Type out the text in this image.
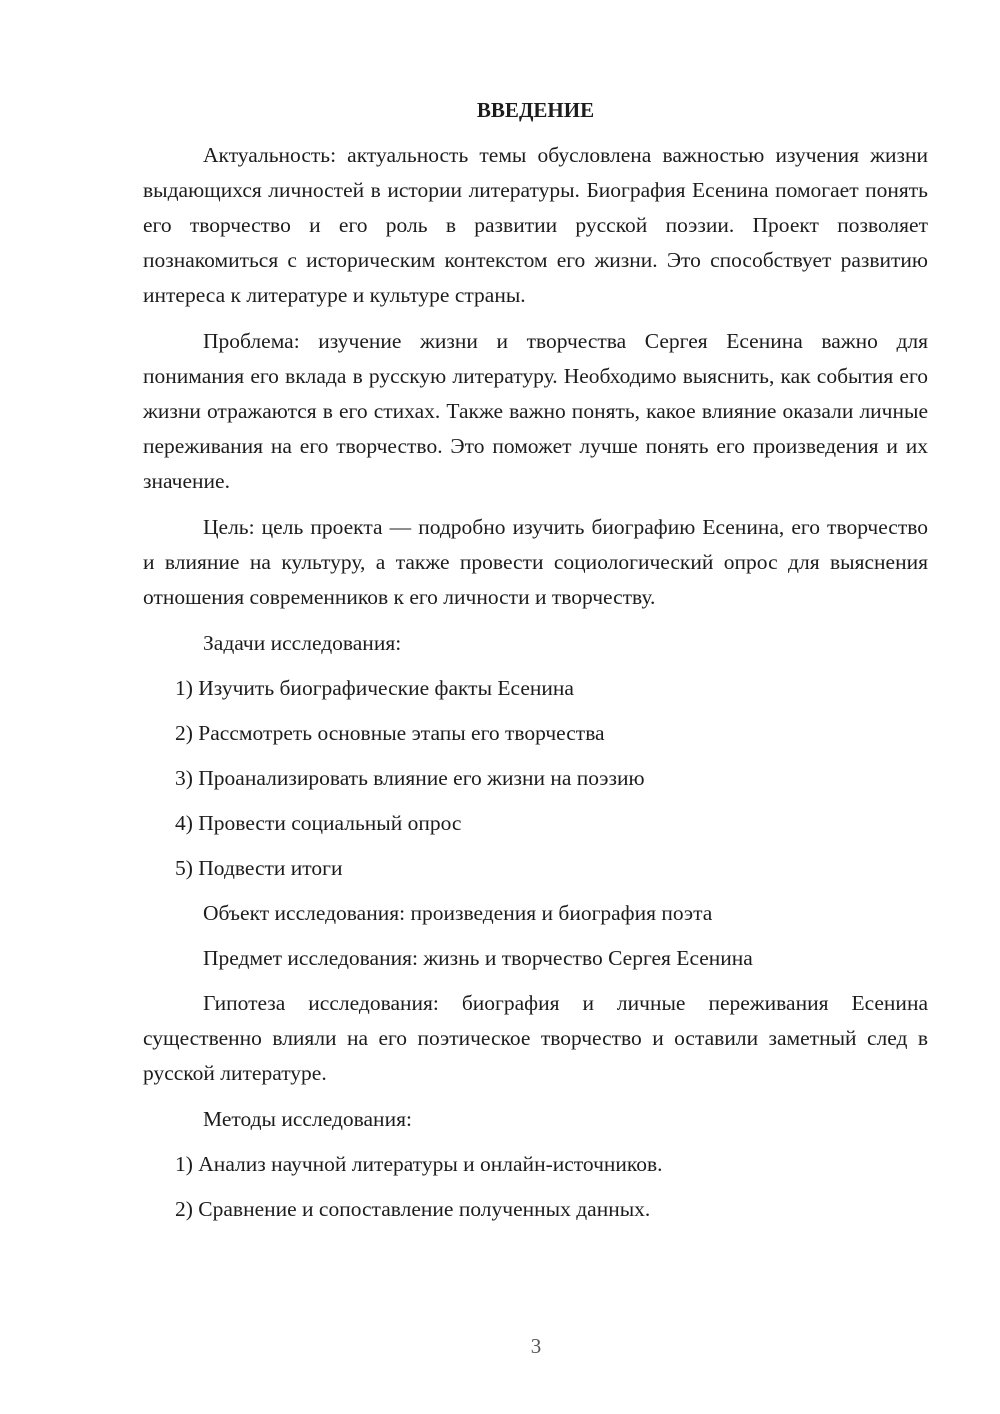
ВВЕДЕНИЕ

Актуальность: актуальность темы обусловлена важностью изучения жизни выдающихся личностей в истории литературы. Биография Есенина помогает понять его творчество и его роль в развитии русской поэзии. Проект позволяет познакомиться с историческим контекстом его жизни. Это способствует развитию интереса к литературе и культуре страны.

Проблема: изучение жизни и творчества Сергея Есенина важно для понимания его вклада в русскую литературу. Необходимо выяснить, как события его жизни отражаются в его стихах. Также важно понять, какое влияние оказали личные переживания на его творчество. Это поможет лучше понять его произведения и их значение.

Цель: цель проекта — подробно изучить биографию Есенина, его творчество и влияние на культуру, а также провести социологический опрос для выяснения отношения современников к его личности и творчеству.

Задачи исследования:
1) Изучить биографические факты Есенина
2) Рассмотреть основные этапы его творчества
3) Проанализировать влияние его жизни на поэзию
4) Провести социальный опрос
5) Подвести итоги
Объект исследования: произведения и биография поэта
Предмет исследования: жизнь и творчество Сергея Есенина

Гипотеза исследования: биография и личные переживания Есенина существенно влияли на его поэтическое творчество и оставили заметный след в русской литературе.

Методы исследования:
1) Анализ научной литературы и онлайн-источников.
2) Сравнение и сопоставление полученных данных.
3
